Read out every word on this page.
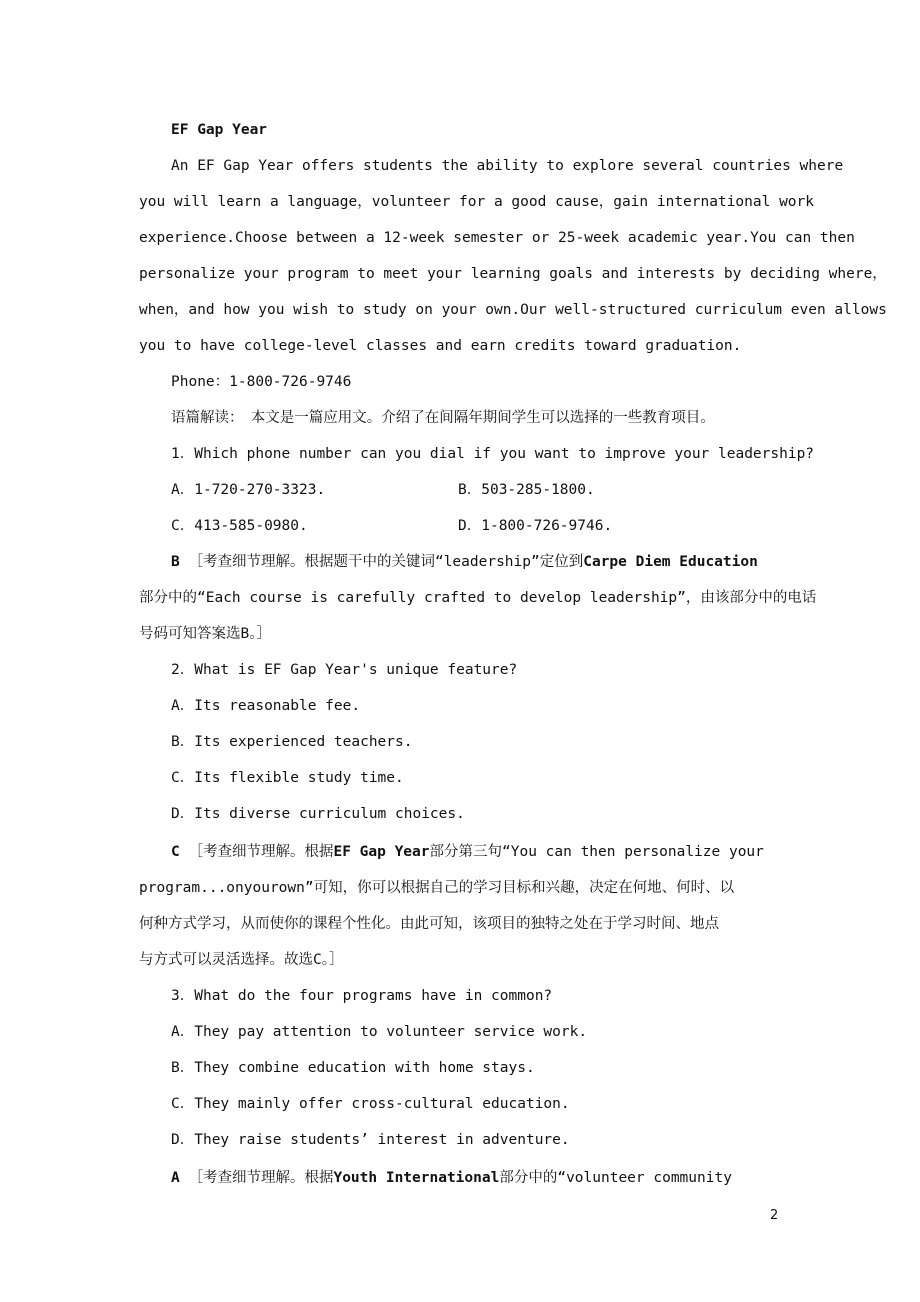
EF Gap Year
An EF Gap Year offers students the ability to explore several countries where
you will learn a language，volunteer for a good cause，gain international work
experience.Choose between a 12-week semester or 25-week academic year.You can then
personalize your program to meet your learning goals and interests by deciding where，
when，and how you wish to study on your own.Our well-structured curriculum even allows
you to have college-level classes and earn credits toward graduation.
Phone：1-800-726-9746
语篇解读：　本文是一篇应用文。介绍了在间隔年期间学生可以选择的一些教育项目。
1．Which phone number can you dial if you want to improve your leadership?
A．1-720-270-3323.	B．503-285-1800.
C．413-585-0980.	D．1-800-726-9746.
B ［考查细节理解。根据题干中的关键词“leadership”定位到Carpe Diem Education
部分中的“Each course is carefully crafted to develop leadership”，由该部分中的电话
号码可知答案选B。］
2．What is EF Gap Year's unique feature?
A．Its reasonable fee.
B．Its experienced teachers.
C．Its flexible study time.
D．Its diverse curriculum choices.
C ［考查细节理解。根据EF Gap Year部分第三句“You can then personalize your
program...onyourown”可知，你可以根据自己的学习目标和兴趣，决定在何地、何时、以
何种方式学习，从而使你的课程个性化。由此可知，该项目的独特之处在于学习时间、地点
与方式可以灵活选择。故选C。］
3．What do the four programs have in common?
A．They pay attention to volunteer service work.
B．They combine education with home stays.
C．They mainly offer cross-cultural education.
D．They raise students’ interest in adventure.
A ［考查细节理解。根据Youth International部分中的“volunteer community
2
